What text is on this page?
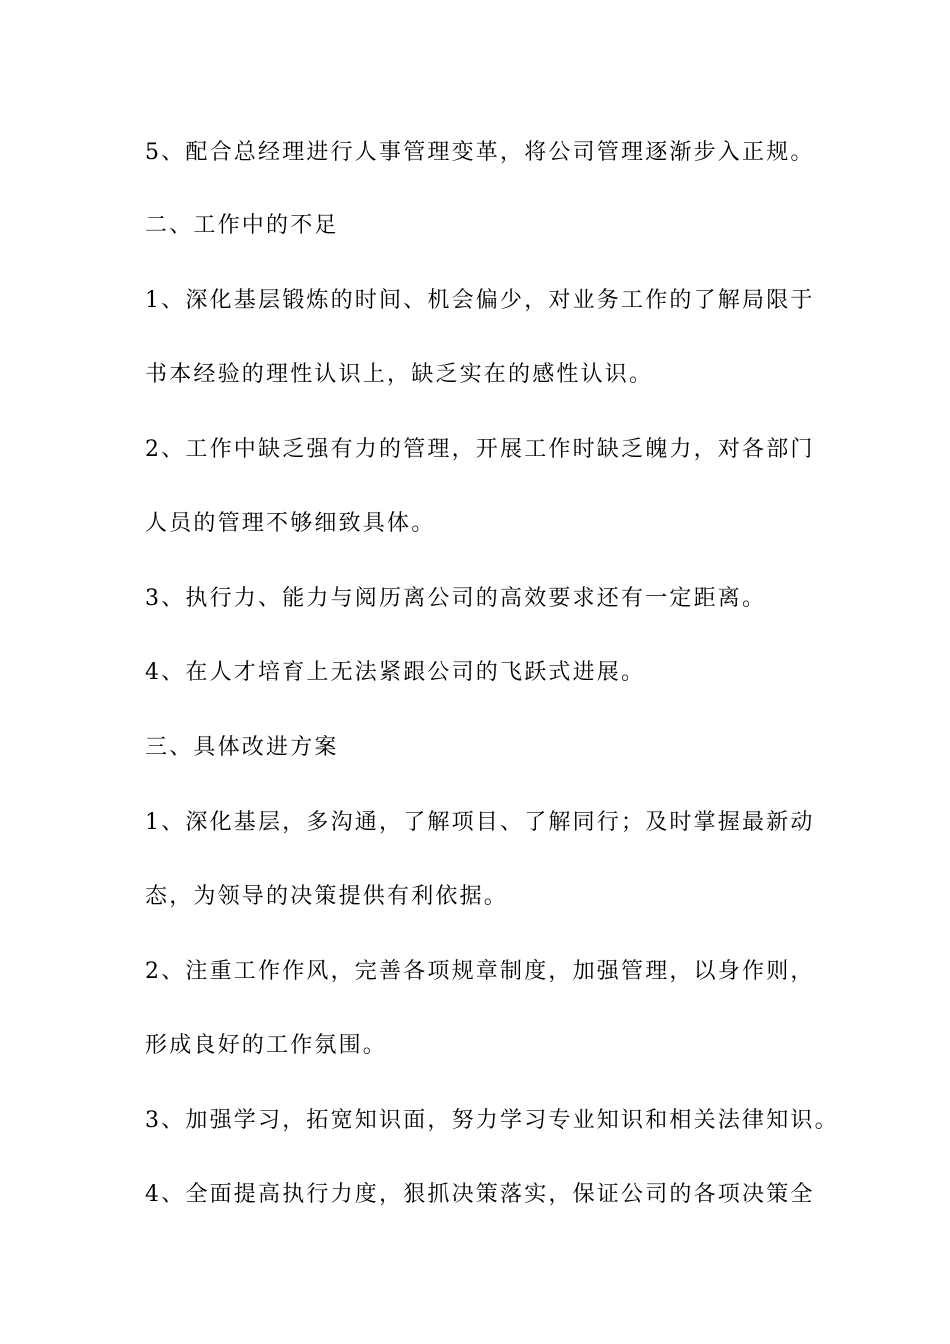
5、配合总经理进行人事管理变革，将公司管理逐渐步入正规。
二、工作中的不足
1、深化基层锻炼的时间、机会偏少，对业务工作的了解局限于
书本经验的理性认识上，缺乏实在的感性认识。
2、工作中缺乏强有力的管理，开展工作时缺乏魄力，对各部门
人员的管理不够细致具体。
3、执行力、能力与阅历离公司的高效要求还有一定距离。
4、在人才培育上无法紧跟公司的飞跃式进展。
三、具体改进方案
1、深化基层，多沟通，了解项目、了解同行；及时掌握最新动
态，为领导的决策提供有利依据。
2、注重工作作风，完善各项规章制度，加强管理，以身作则，
形成良好的工作氛围。
3、加强学习，拓宽知识面，努力学习专业知识和相关法律知识。
4、全面提高执行力度，狠抓决策落实，保证公司的各项决策全
